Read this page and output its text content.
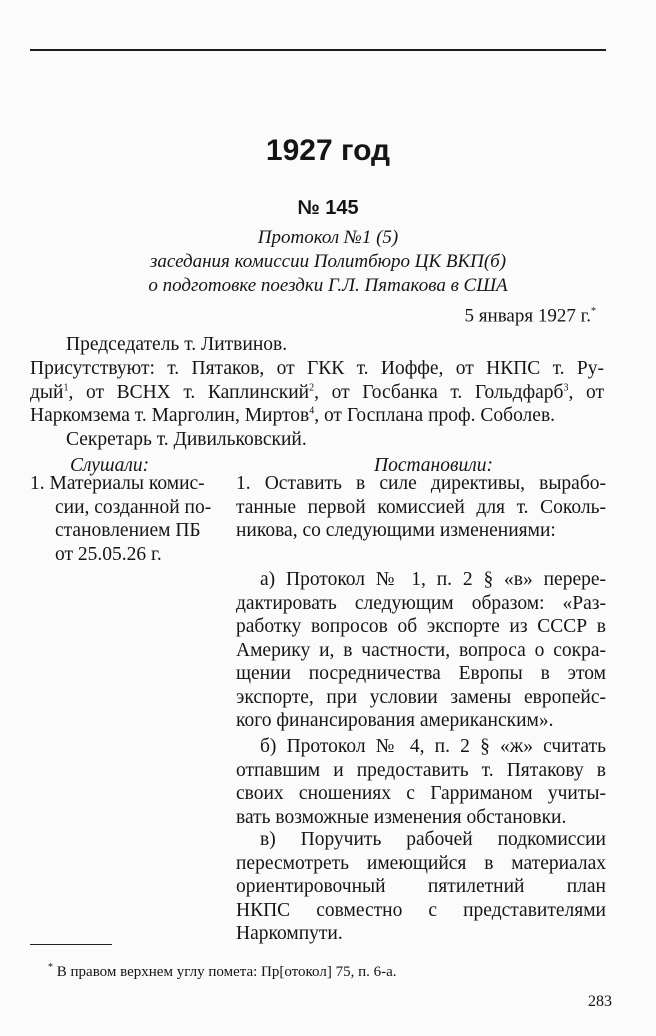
1927 год
№ 145
Протокол №1 (5)
заседания комиссии Политбюро ЦК ВКП(б)
о подготовке поездки Г.Л. Пятакова в США
5 января 1927 г.*
Председатель т. Литвинов.
Присутствуют: т. Пятаков, от ГКК т. Иоффе, от НКПС т. Ру-
дый$^1$, от ВСНХ т. Каплинский$^2$, от Госбанка т. Гольдфарб$^3$, от
Наркомзема т. Марголин, Миртов$^4$, от Госплана проф. Соболев.
Секретарь т. Дивильковский.
Слушали:	Постановили:
1. Материалы комис-
сии, созданной по-
становлением ПБ
от 25.05.26 г.
1. Оставить в силе директивы, вырабо-
танные первой комиссией для т. Соколь-
никова, со следующими изменениями:
а) Протокол № 1, п. 2 § «в» перере-
дактировать следующим образом: «Раз-
работку вопросов об экспорте из СССР в
Америку и, в частности, вопроса о сокра-
щении посредничества Европы в этом
экспорте, при условии замены европейс-
кого финансирования американским».
б) Протокол № 4, п. 2 § «ж» считать
отпавшим и предоставить т. Пятакову в
своих сношениях с Гарриманом учиты-
вать возможные изменения обстановки.
в) Поручить рабочей подкомиссии
пересмотреть имеющийся в материалах
ориентировочный пятилетний план
НКПС совместно с представителями
Наркомпути.
* В правом верхнем углу помета: Пр[отокол] 75, п. 6-а.
283
